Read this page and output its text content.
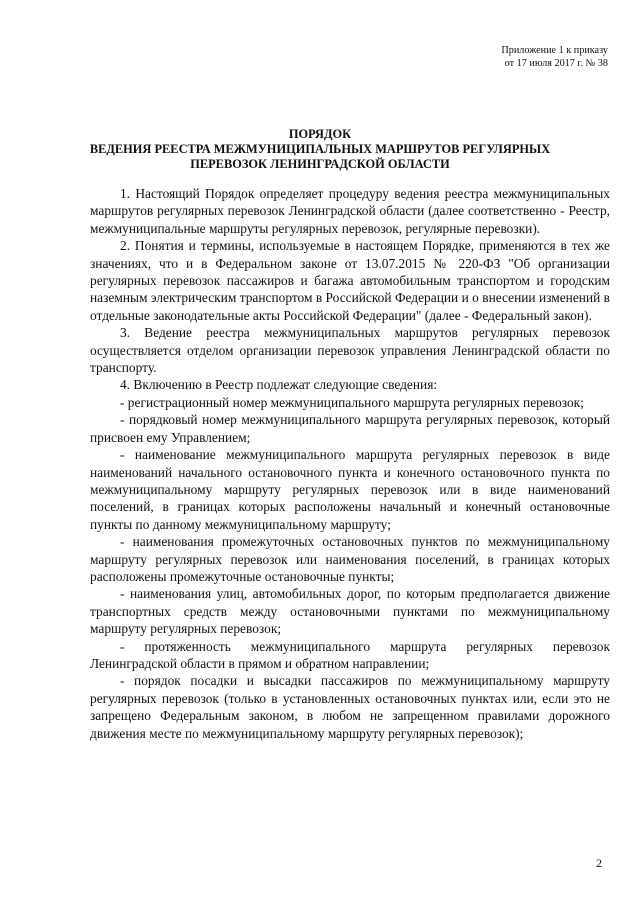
Приложение 1 к приказу
от 17 июля 2017 г. № 38
ПОРЯДОК
ВЕДЕНИЯ РЕЕСТРА МЕЖМУНИЦИПАЛЬНЫХ МАРШРУТОВ РЕГУЛЯРНЫХ
ПЕРЕВОЗОК ЛЕНИНГРАДСКОЙ ОБЛАСТИ

1. Настоящий Порядок определяет процедуру ведения реестра межмуниципальных маршрутов регулярных перевозок Ленинградской области (далее соответственно - Реестр, межмуниципальные маршруты регулярных перевозок, регулярные перевозки).

2. Понятия и термины, используемые в настоящем Порядке, применяются в тех же значениях, что и в Федеральном законе от 13.07.2015 № 220-ФЗ "Об организации регулярных перевозок пассажиров и багажа автомобильным транспортом и городским наземным электрическим транспортом в Российской Федерации и о внесении изменений в отдельные законодательные акты Российской Федерации" (далее - Федеральный закон).

3. Ведение реестра межмуниципальных маршрутов регулярных перевозок осуществляется отделом организации перевозок управления Ленинградской области по транспорту.

4. Включению в Реестр подлежат следующие сведения:

- регистрационный номер межмуниципального маршрута регулярных перевозок;

- порядковый номер межмуниципального маршрута регулярных перевозок, который присвоен ему Управлением;

- наименование межмуниципального маршрута регулярных перевозок в виде наименований начального остановочного пункта и конечного остановочного пункта по межмуниципальному маршруту регулярных перевозок или в виде наименований поселений, в границах которых расположены начальный и конечный остановочные пункты по данному межмуниципальному маршруту;

- наименования промежуточных остановочных пунктов по межмуниципальному маршруту регулярных перевозок или наименования поселений, в границах которых расположены промежуточные остановочные пункты;

- наименования улиц, автомобильных дорог, по которым предполагается движение транспортных средств между остановочными пунктами по межмуниципальному маршруту регулярных перевозок;

- протяженность межмуниципального маршрута регулярных перевозок Ленинградской области в прямом и обратном направлении;

- порядок посадки и высадки пассажиров по межмуниципальному маршруту регулярных перевозок (только в установленных остановочных пунктах или, если это не запрещено Федеральным законом, в любом не запрещенном правилами дорожного движения месте по межмуниципальному маршруту регулярных перевозок);

2
